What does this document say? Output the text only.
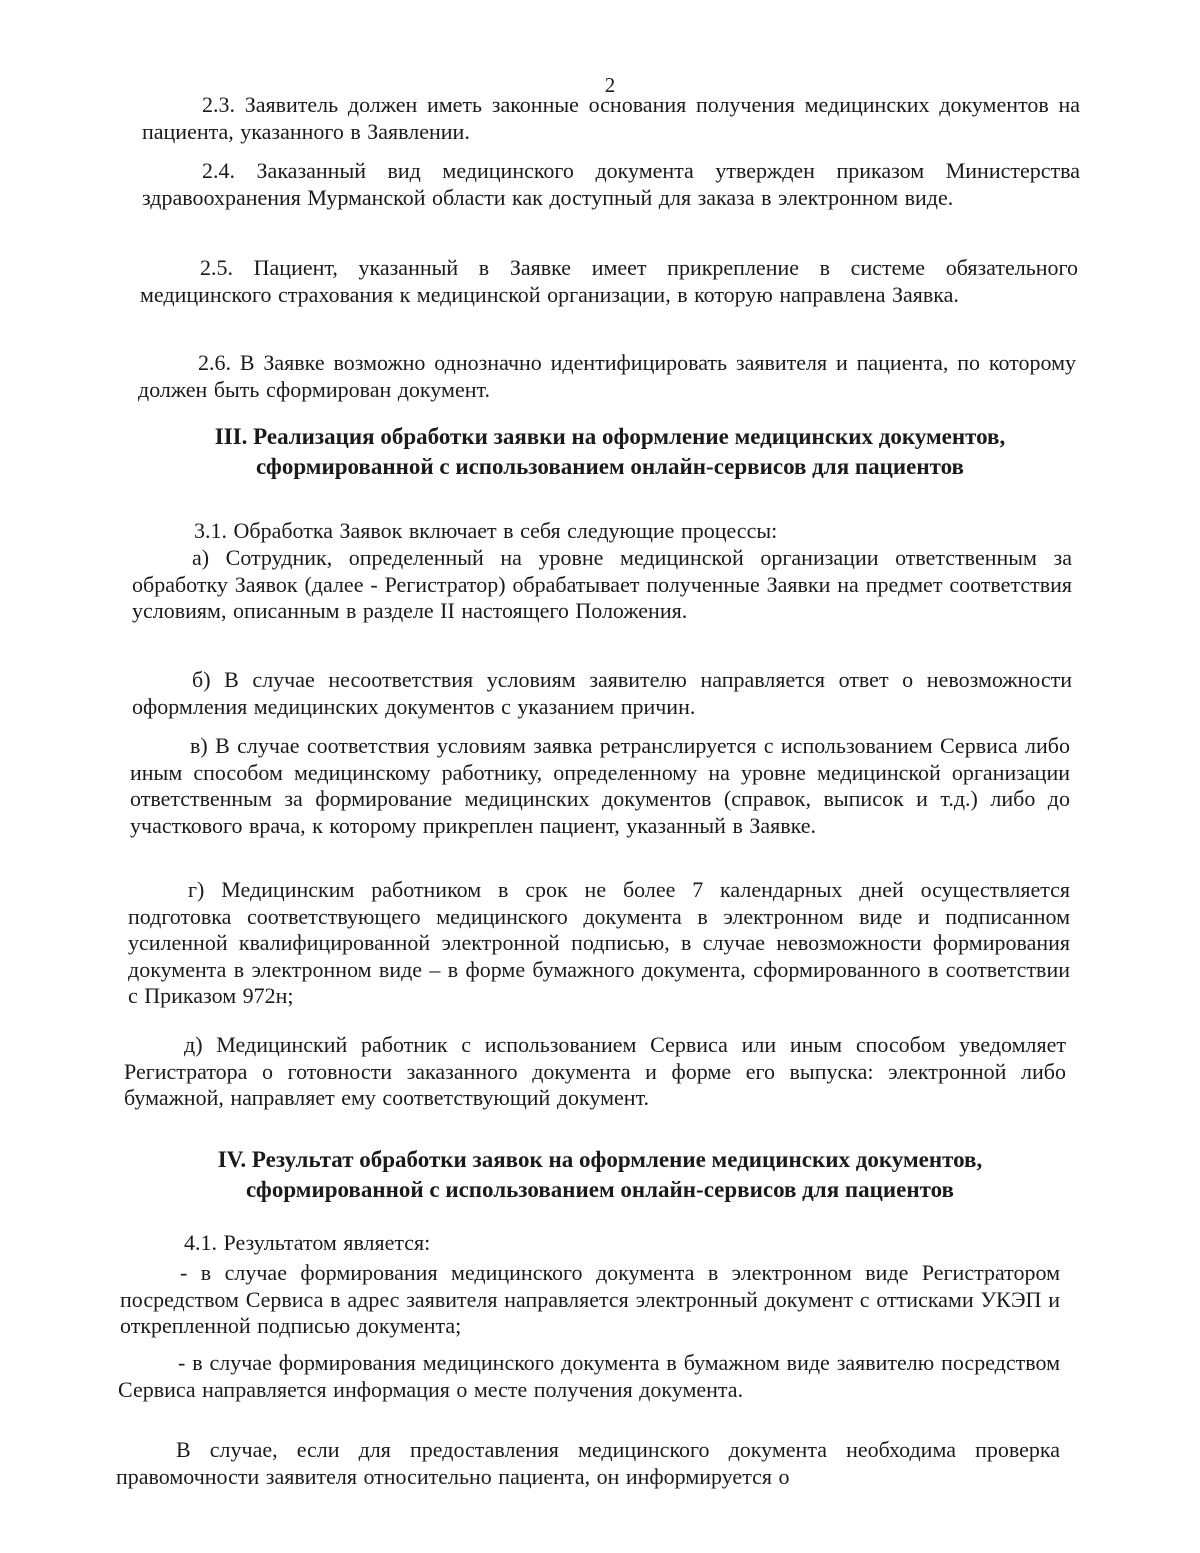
2
2.3. Заявитель должен иметь законные основания получения медицинских документов на пациента, указанного в Заявлении.
2.4. Заказанный вид медицинского документа утвержден приказом Министерства здравоохранения Мурманской области как доступный для заказа в электронном виде.
2.5. Пациент, указанный в Заявке имеет прикрепление в системе обязательного медицинского страхования к медицинской организации, в которую направлена Заявка.
2.6. В Заявке возможно однозначно идентифицировать заявителя и пациента, по которому должен быть сформирован документ.
III. Реализация обработки заявки на оформление медицинских документов,
сформированной с использованием онлайн-сервисов для пациентов
3.1. Обработка Заявок включает в себя следующие процессы:
а) Сотрудник, определенный на уровне медицинской организации ответственным за обработку Заявок (далее - Регистратор) обрабатывает полученные Заявки на предмет соответствия условиям, описанным в разделе II настоящего Положения.
б) В случае несоответствия условиям заявителю направляется ответ о невозможности оформления медицинских документов с указанием причин.
в) В случае соответствия условиям заявка ретранслируется с использованием Сервиса либо иным способом медицинскому работнику, определенному на уровне медицинской организации ответственным за формирование медицинских документов (справок, выписок и т.д.) либо до участкового врача, к которому прикреплен пациент, указанный в Заявке.
г) Медицинским работником в срок не более 7 календарных дней осуществляется подготовка соответствующего медицинского документа в электронном виде и подписанном усиленной квалифицированной электронной подписью, в случае невозможности формирования документа в электронном виде – в форме бумажного документа, сформированного в соответствии с Приказом 972н;
д) Медицинский работник с использованием Сервиса или иным способом уведомляет Регистратора о готовности заказанного документа и форме его выпуска: электронной либо бумажной, направляет ему соответствующий документ.
IV. Результат обработки заявок на оформление медицинских документов,
сформированной с использованием онлайн-сервисов для пациентов
4.1. Результатом является:
- в случае формирования медицинского документа в электронном виде Регистратором посредством Сервиса в адрес заявителя направляется электронный документ с оттисками УКЭП и открепленной подписью документа;
- в случае формирования медицинского документа в бумажном виде заявителю посредством Сервиса направляется информация о месте получения документа.
В случае, если для предоставления медицинского документа необходима проверка правомочности заявителя относительно пациента, он информируется о
